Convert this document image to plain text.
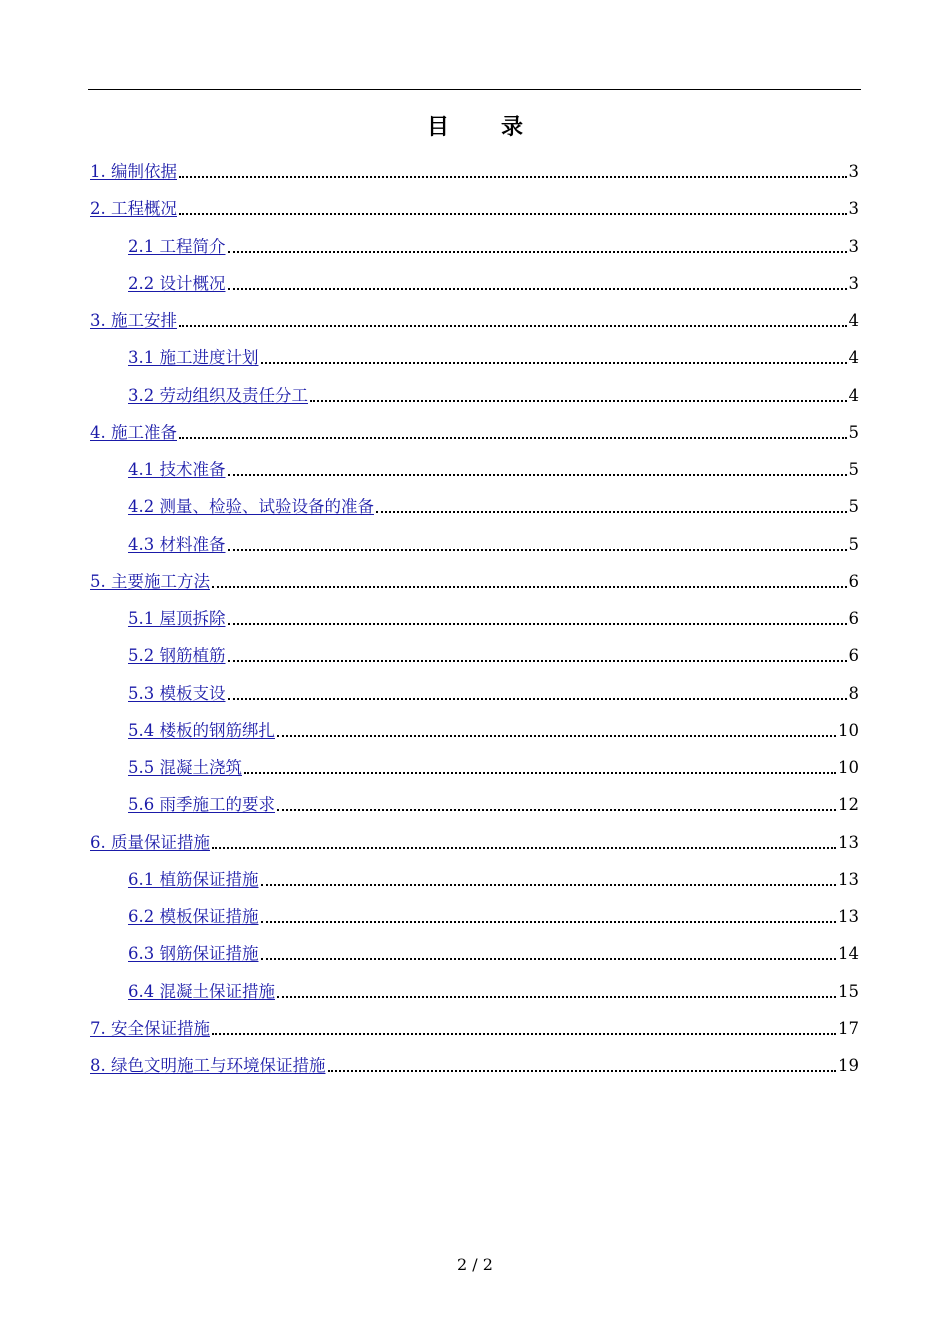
目 录
1. 编制依据	3
2. 工程概况	3
2.1 工程简介	3
2.2 设计概况	3
3. 施工安排	4
3.1 施工进度计划	4
3.2 劳动组织及责任分工	4
4. 施工准备	5
4.1 技术准备	5
4.2 测量、检验、试验设备的准备	5
4.3 材料准备	5
5. 主要施工方法	6
5.1 屋顶拆除	6
5.2 钢筋植筋	6
5.3 模板支设	8
5.4 楼板的钢筋绑扎	10
5.5 混凝土浇筑	10
5.6 雨季施工的要求	12
6. 质量保证措施	13
6.1 植筋保证措施	13
6.2 模板保证措施	13
6.3 钢筋保证措施	14
6.4 混凝土保证措施	15
7. 安全保证措施	17
8. 绿色文明施工与环境保证措施	19
2 / 2
